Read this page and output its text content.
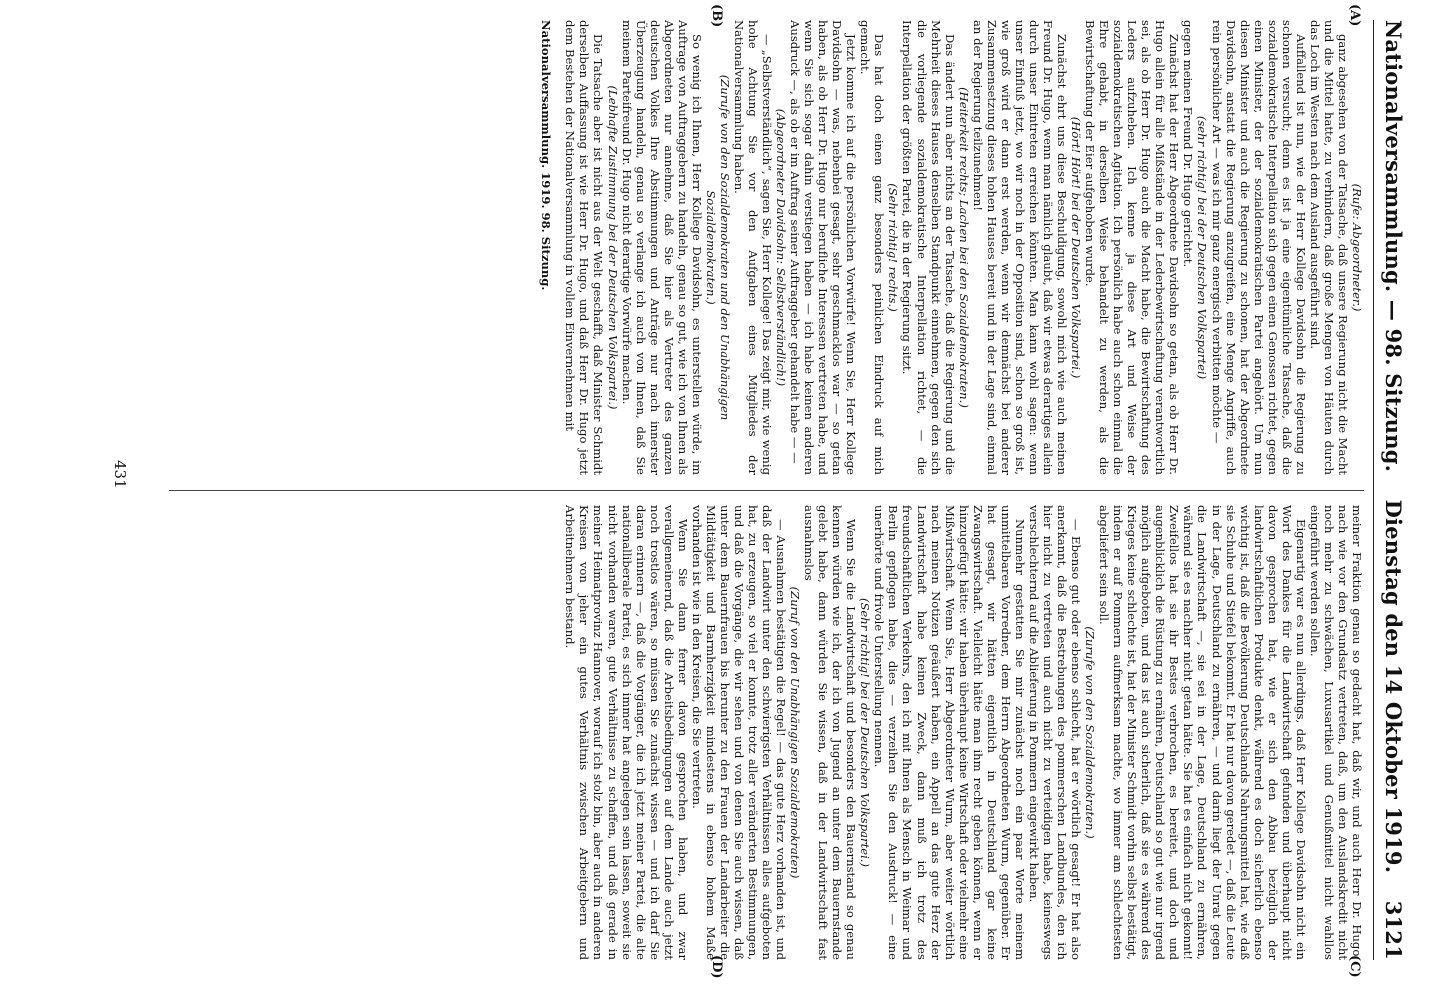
Nationalversammlung. — 98. Sitzung.
Dienstag den 14 Oktober 1919.
3121

(Rufe: Abgeordneter.)

ganz abgesehen von der Tatsache, daß unsere Regierung nicht die Macht und die Mittel hatte, zu verhindern, daß große Mengen von Häuten durch das Loch im Westen nach dem Ausland ausgeführt sind.

Auffallend ist nun, wie der Herr Kollege Davidsohn die Regierung zu schonen versucht; denn es ist ja eine eigentümliche Tatsache, daß die sozialdemokratische Interpellation sich gegen einen Genossen richtet, gegen einen Minister, der der sozialdemokratischen Partei angehört. Um nun diesen Minister und auch die Regierung zu schonen, hat der Abgeordnete Davidsohn, anstatt die Regierung anzugreifen, eine Menge Angriffe, auch rein persönlicher Art — was ich mir ganz energisch verbitten möchte —

(sehr richtig! bei der Deutschen Volkspartei)

gegen meinen Freund Dr. Hugo gerichtet.

Zunächst hat der Herr Abgeordnete Davidsohn so getan, als ob Herr Dr. Hugo allein für alle Mißstände in der Lederbewirtschaftung verantwortlich sei, als ob Herr Dr. Hugo auch die Macht habe, die Bewirtschaftung des Leders aufzuheben. Ich kenne ja diese Art und Weise der sozialdemokratischen Agitation. Ich persönlich habe auch schon einmal die Ehre gehabt, in derselben Weise behandelt zu werden, als die Bewirtschaftung der Eier aufgehoben wurde.

(Hört! Hört! bei der Deutschen Volkspartei.)

Zunächst ehrt uns diese Beschuldigung, sowohl mich wie auch meinen Freund Dr. Hugo, wenn man nämlich glaubt, daß wir etwas derartiges allein durch unser Eintreten erreichen könnten. Man kann wohl sagen: wenn unser Einfluß jetzt, wo wir noch in der Opposition sind, schon so groß ist, wie groß wird er dann erst werden, wenn wir demnächst bei anderer Zusammensetzung dieses hohen Hauses bereit und in der Lage sind, einmal an der Regierung teilzunehmen!

(Heiterkeit rechts; Lachen bei den Sozialdemokraten.)

Das ändert nun aber nichts an der Tatsache, daß die Regierung und die Mehrheit dieses Hauses denselben Standpunkt einnehmen, gegen den sich die vorliegende sozialdemokratische Interpellation richtet, — die Interpellation der größten Partei, die in der Regierung sitzt.

(Sehr richtig! rechts.)

Das hat doch einen ganz besonders peinlichen Eindruck auf mich gemacht.

Jetzt komme ich auf die persönlichen Vorwürfe! Wenn Sie, Herr Kollege Davidsohn — was, nebenbei gesagt, sehr geschmacklos war — so getan haben, als ob Herr Dr. Hugo nur berufliche Interessen vertreten habe, und wenn Sie sich sogar dahin verstiegen haben — ich habe keinen anderen Ausdruck —, als ob er im Auftrag seiner Auftraggeber gehandelt habe — —

(Abgeordneter Davidsohn: Selbstverständlich!)

— „Selbstverständlich“, sagen Sie, Herr Kollege! Das zeigt mir, wie wenig hohe Achtung Sie vor den Aufgaben eines Mitgliedes der Nationalversammlung haben.

(Zurufe von den Sozialdemokraten und den Unabhängigen Sozialdemokraten.)

So wenig ich Ihnen, Herr Kollege Davidsohn, es unterstellen würde, im Auftrage von Auftraggebern zu handeln, genau so gut, wie ich von Ihnen als Abgeordneten nur annehme, daß Sie hier als Vertreter des ganzen deutschen Volkes Ihre Abstimmungen und Anträge nur nach innerster Überzeugung handeln, genau so verlange ich auch von Ihnen, daß Sie meinem Parteifreund Dr. Hugo nicht derartige Vorwürfe machen.

(Lebhafte Zustimmung bei der Deutschen Volkspartei.)

Die Tatsache aber ist nicht aus der Welt geschafft, daß Minister Schmidt derselben Auffassung ist wie Herr Dr. Hugo, und daß Herr Dr. Hugo jetzt dem Bestehen der Nationalversammlung in vollem Einvernehmen mit

Nationalversammlung. 1919. 98. Sitzung.

meiner Fraktion genau so gedacht hat, daß wir, und auch Herr Dr. Hugo, nach wie vor den Grundsatz vertreten, daß, um den Auslandskredit nicht noch mehr zu schwächen, Luxusartikel und Genußmittel nicht wahllos eingeführt werden sollen.

Eigenartig war es nun allerdings, daß Herr Kollege Davidsohn nicht ein Wort des Dankes für die Landwirtschaft gefunden und überhaupt nicht davon gesprochen hat, wie er sich den Abbau bezüglich der landwirtschaftlichen Produkte denkt, während es doch sicherlich ebenso wichtig ist, daß die Bevölkerung Deutschlands Nahrungsmittel hat, wie daß sie Schuhe und Stiefel bekommt. Er hat nur davon geredet —, daß die Leute in der Lage, Deutschland zu ernähren, — und darin liegt der Unrat gegen die Landwirtschaft —, sie sei in der Lage, Deutschland zu ernähren, während sie es nachher nicht getan hätte. Sie hat es einfach nicht gekonnt! Zweifellos hat sie ihr Bestes verbrochen, es bereitet, und doch und augenblicklich die Rüstung zu ernähren, Deutschland so gut wie nur irgend möglich aufgeboten, und das ist auch sicherlich, daß sie es während des Krieges keine schlechte ist, hat der Minister Schmidt vorhin selbst bestätigt, indem er auf Pommern aufmerksam machte, wo immer am schlechtesten abgeliefert sein soll.

(Zurufe von den Sozialdemokraten.)

— Ebenso gut oder ebenso schlecht, hat er wörtlich gesagt! Er hat also anerkannt, daß die Bestrebungen des pommerschen Landbundes, den ich hier nicht zu vertreten und auch nicht zu verteidigen habe, keineswegs verschlechternd auf die Ablieferung in Pommern eingewirkt haben.

Nunmehr gestatten Sie mir zunächst noch ein paar Worte meinem unmittelbaren Vorredner, dem Herrn Abgeordneten Wurm, gegenüber. Er hat gesagt, wir hätten eigentlich in Deutschland gar keine Zwangswirtschaft. Vielleicht hätte man ihm recht geben können, wenn er hinzugefügt hätte: wir haben überhaupt keine Wirtschaft oder vielmehr eine Mißwirtschaft. Wenn Sie, Herr Abgeordneter Wurm, aber weiter wörtlich nach meinen Notizen geäußert haben, ein Appell an das gute Herz der Landwirtschaft habe keinen Zweck, dann muß ich trotz des freundschaftlichen Verkehrs, den ich mit Ihnen als Mensch in Weimar und Berlin gepflogen habe, dies — verzeihen Sie den Ausdruck! — eine unerhörte und frivole Unterstellung nennen.

(Sehr richtig! bei der Deutschen Volkspartei.)

Wenn Sie die Landwirtschaft und besonders den Bauernstand so genau kennen würden wie ich, der ich von Jugend an unter dem Bauernstande gelebt habe, dann würden Sie wissen, daß in der Landwirtschaft fast ausnahmslos

(Zuruf von den Unabhängigen Sozialdemokraten)

— Ausnahmen bestätigen die Regel! — das gute Herz vorhanden ist, und daß der Landwirt unter den schwierigsten Verhältnissen alles aufgeboten hat, zu erzeugen, so viel er konnte, trotz aller veränderten Bestimmungen, und daß die Vorgänge, die wir sehen und von denen Sie auch wissen, daß unter dem Bauernfrauen bis herunter zu den Frauen der Landarbeiter die Mildtätigkeit und Barmherzigkeit mindestens in ebenso hohem Maße vorhanden ist wie in den Kreisen, die Sie vertreten.

Wenn Sie dann ferner davon gesprochen haben, und zwar verallgemeinernd, daß die Arbeitsbedingungen auf dem Lande auch jetzt noch trostlos wären, so müssen Sie zunächst wissen — und ich darf Sie daran erinnern —, daß die Vorgänger, die ich jetzt meiner Partei, die alte nationalliberale Partei, es sich immer hat angelegen sein lassen, soweit sie nicht vorhanden waren, gute Verhältnisse zu schaffen, und daß gerade in meiner Heimatprovinz Hannover, worauf ich stolz bin, aber auch in anderen Kreisen von jeher ein gutes Verhältnis zwischen Arbeitgebern und Arbeitnehmern bestand.

(A)
(B)
(C)
(D)
431
